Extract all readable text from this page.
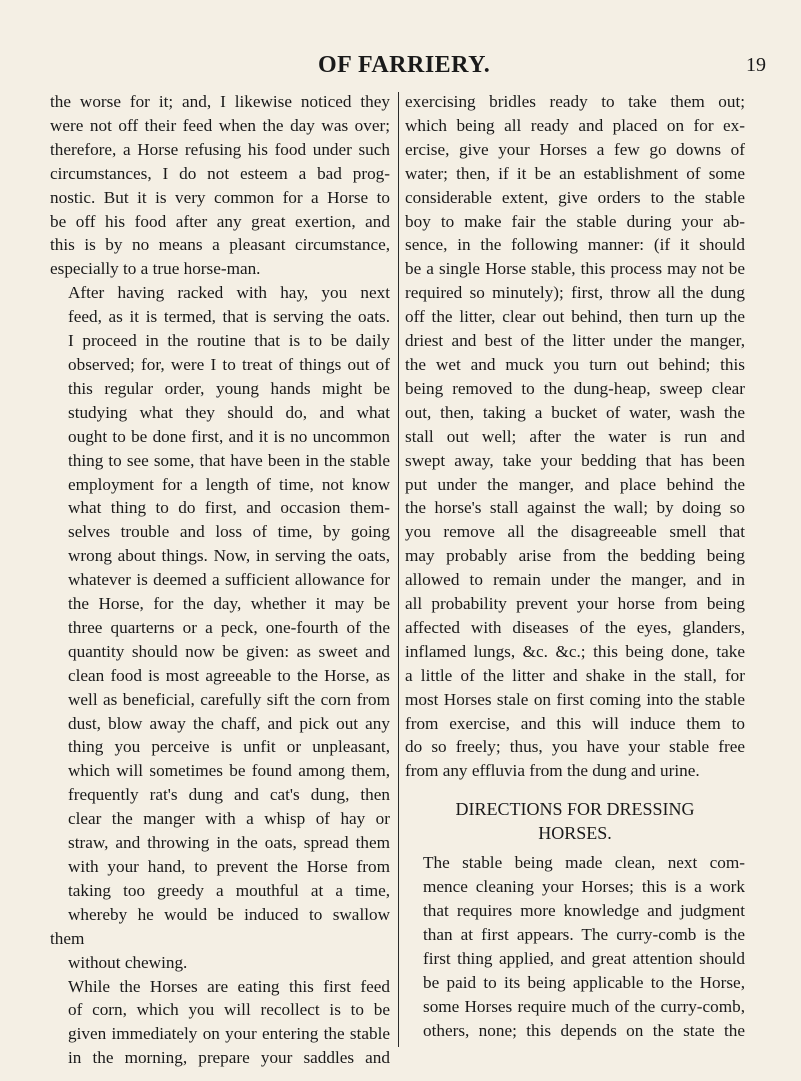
OF FARRIERY.	19

the worse for it; and, I likewise noticed they
were not off their feed when the day was over;
therefore, a Horse refusing his food under such
circumstances, I do not esteem a bad prog-
nostic. But it is very common for a Horse to
be off his food after any great exertion, and
this is by no means a pleasant circumstance,
especially to a true horse-man.

After having racked with hay, you next
feed, as it is termed, that is serving the oats.
I proceed in the routine that is to be daily
observed; for, were I to treat of things out of
this regular order, young hands might be
studying what they should do, and what
ought to be done first, and it is no uncommon
thing to see some, that have been in the stable
employment for a length of time, not know
what thing to do first, and occasion them-
selves trouble and loss of time, by going
wrong about things. Now, in serving the oats,
whatever is deemed a sufficient allowance for
the Horse, for the day, whether it may be
three quarterns or a peck, one-fourth of the
quantity should now be given: as sweet and
clean food is most agreeable to the Horse, as
well as beneficial, carefully sift the corn from
dust, blow away the chaff, and pick out any
thing you perceive is unfit or unpleasant,
which will sometimes be found among them,
frequently rat's dung and cat's dung, then
clear the manger with a whisp of hay or
straw, and throwing in the oats, spread them
with your hand, to prevent the Horse from
taking too greedy a mouthful at a time,
whereby he would be induced to swallow them
without chewing.

While the Horses are eating this first feed
of corn, which you will recollect is to be
given immediately on your entering the stable
in the morning, prepare your saddles and

exercising bridles ready to take them out;
which being all ready and placed on for ex-
ercise, give your Horses a few go downs of
water; then, if it be an establishment of some
considerable extent, give orders to the stable
boy to make fair the stable during your ab-
sence, in the following manner: (if it should
be a single Horse stable, this process may not be
required so minutely); first, throw all the dung
off the litter, clear out behind, then turn up the
driest and best of the litter under the manger,
the wet and muck you turn out behind; this
being removed to the dung-heap, sweep clear
out, then, taking a bucket of water, wash the
stall out well; after the water is run and
swept away, take your bedding that has been
put under the manger, and place behind the
the horse's stall against the wall; by doing so
you remove all the disagreeable smell that
may probably arise from the bedding being
allowed to remain under the manger, and in
all probability prevent your horse from being
affected with diseases of the eyes, glanders,
inflamed lungs, &c. &c.; this being done, take
a little of the litter and shake in the stall, for
most Horses stale on first coming into the stable
from exercise, and this will induce them to
do so freely; thus, you have your stable free
from any effluvia from the dung and urine.

DIRECTIONS FOR DRESSING
HORSES.

The stable being made clean, next com-
mence cleaning your Horses; this is a work
that requires more knowledge and judgment
than at first appears. The curry-comb is the
first thing applied, and great attention should
be paid to its being applicable to the Horse,
some Horses require much of the curry-comb,
others, none; this depends on the state the
